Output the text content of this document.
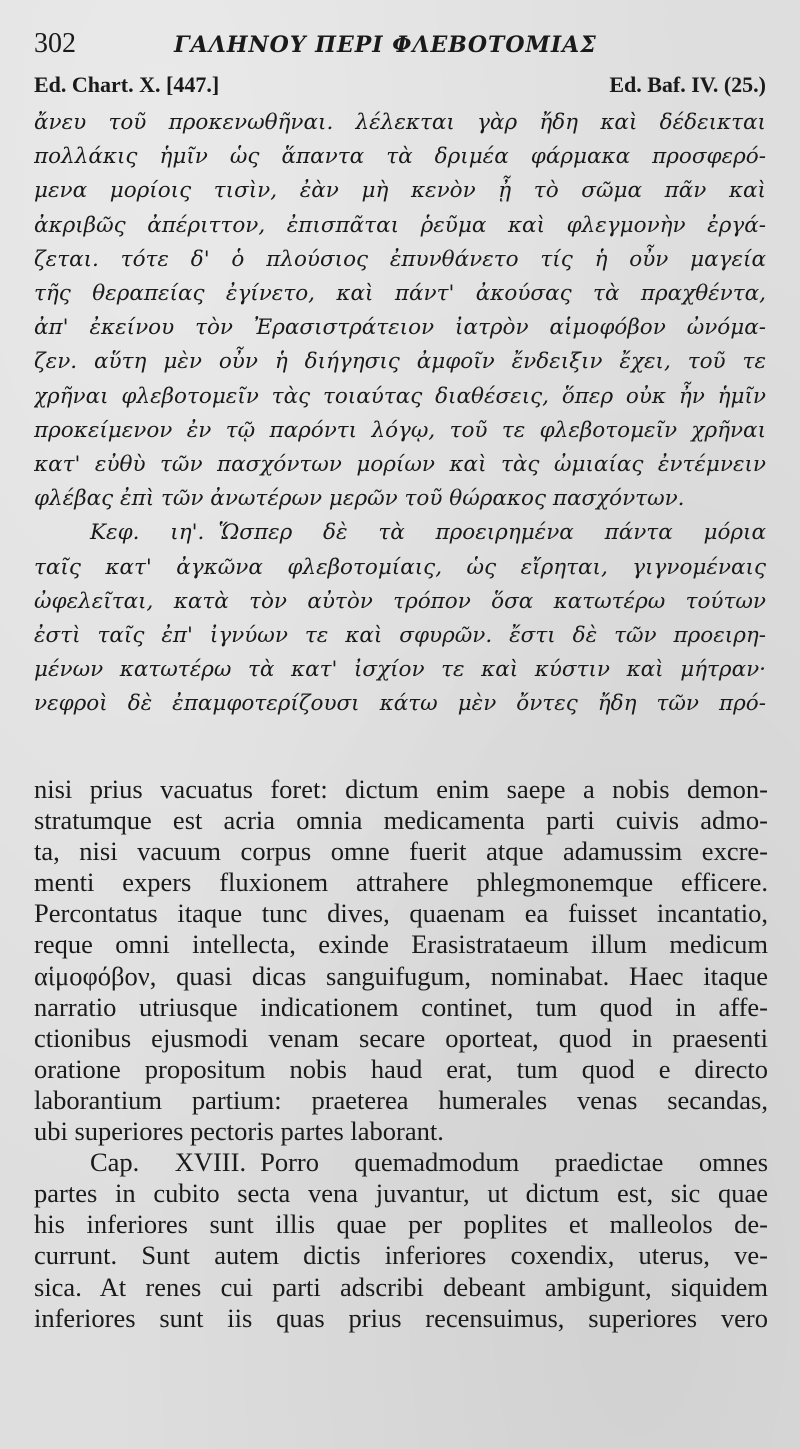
302	ΓΑΛΗΝΟΥ ΠΕΡΙ ΦΛΕΒΟΤΟΜΙΑΣ
Ed. Chart. X. [447.]	Ed. Baf. IV. (25.)
ἄνευ τοῦ προκενωθῆναι. λέλεκται γὰρ ἤδη καὶ δέδεικται
πολλάκις ἡμῖν ὡς ἅπαντα τὰ δριμέα φάρμακα προσφερό-
μενα μορίοις τισὶν, ἐὰν μὴ κενὸν ᾖ τὸ σῶμα πᾶν καὶ
ἀκριβῶς ἀπέριττον, ἐπισπᾶται ῥεῦμα καὶ φλεγμονὴν ἐργά-
ζεται. τότε δ' ὁ πλούσιος ἐπυνθάνετο τίς ἡ οὖν μαγεία
τῆς θεραπείας ἐγίνετο, καὶ πάντ' ἀκούσας τὰ πραχθέντα,
ἀπ' ἐκείνου τὸν Ἐρασιστράτειον ἰατρὸν αἱμοφόβον ὠνόμα-
ζεν. αὕτη μὲν οὖν ἡ διήγησις ἀμφοῖν ἔνδειξιν ἔχει, τοῦ τε
χρῆναι φλεβοτομεῖν τὰς τοιαύτας διαθέσεις, ὅπερ οὐκ ἦν ἡμῖν
προκείμενον ἐν τῷ παρόντι λόγῳ, τοῦ τε φλεβοτομεῖν χρῆναι
κατ' εὐθὺ τῶν πασχόντων μορίων καὶ τὰς ὠμιαίας ἐντέμνειν
φλέβας ἐπὶ τῶν ἀνωτέρων μερῶν τοῦ θώρακος πασχόντων.
Κεφ. ιη'. Ὥσπερ δὲ τὰ προειρημένα πάντα μόρια
ταῖς κατ' ἀγκῶνα φλεβοτομίαις, ὡς εἴρηται, γιγνομέναις
ὠφελεῖται, κατὰ τὸν αὐτὸν τρόπον ὅσα κατωτέρω τούτων
ἐστὶ ταῖς ἐπ' ἰγνύων τε καὶ σφυρῶν. ἔστι δὲ τῶν προειρη-
μένων κατωτέρω τὰ κατ' ἰσχίον τε καὶ κύστιν καὶ μήτραν·
νεφροὶ δὲ ἐπαμφοτερίζουσι κάτω μὲν ὄντες ἤδη τῶν πρό-
nisi prius vacuatus foret: dictum enim saepe a nobis demon-
stratumque est acria omnia medicamenta parti cuivis admo-
ta, nisi vacuum corpus omne fuerit atque adamussim excre-
menti expers fluxionem attrahere phlegmonemque efficere.
Percontatus itaque tunc dives, quaenam ea fuisset incantatio,
reque omni intellecta, exinde Erasistrataeum illum medicum
αἱμοφόβον, quasi dicas sanguifugum, nominabat. Haec itaque
narratio utriusque indicationem continet, tum quod in affe-
ctionibus ejusmodi venam secare oporteat, quod in praesenti
oratione propositum nobis haud erat, tum quod e directo
laborantium partium: praeterea humerales venas secandas,
ubi superiores pectoris partes laborant.
Cap. XVIII. Porro quemadmodum praedictae omnes
partes in cubito secta vena juvantur, ut dictum est, sic quae
his inferiores sunt illis quae per poplites et malleolos de-
currunt. Sunt autem dictis inferiores coxendix, uterus, ve-
sica. At renes cui parti adscribi debeant ambigunt, siquidem
inferiores sunt iis quas prius recensuimus, superiores vero
